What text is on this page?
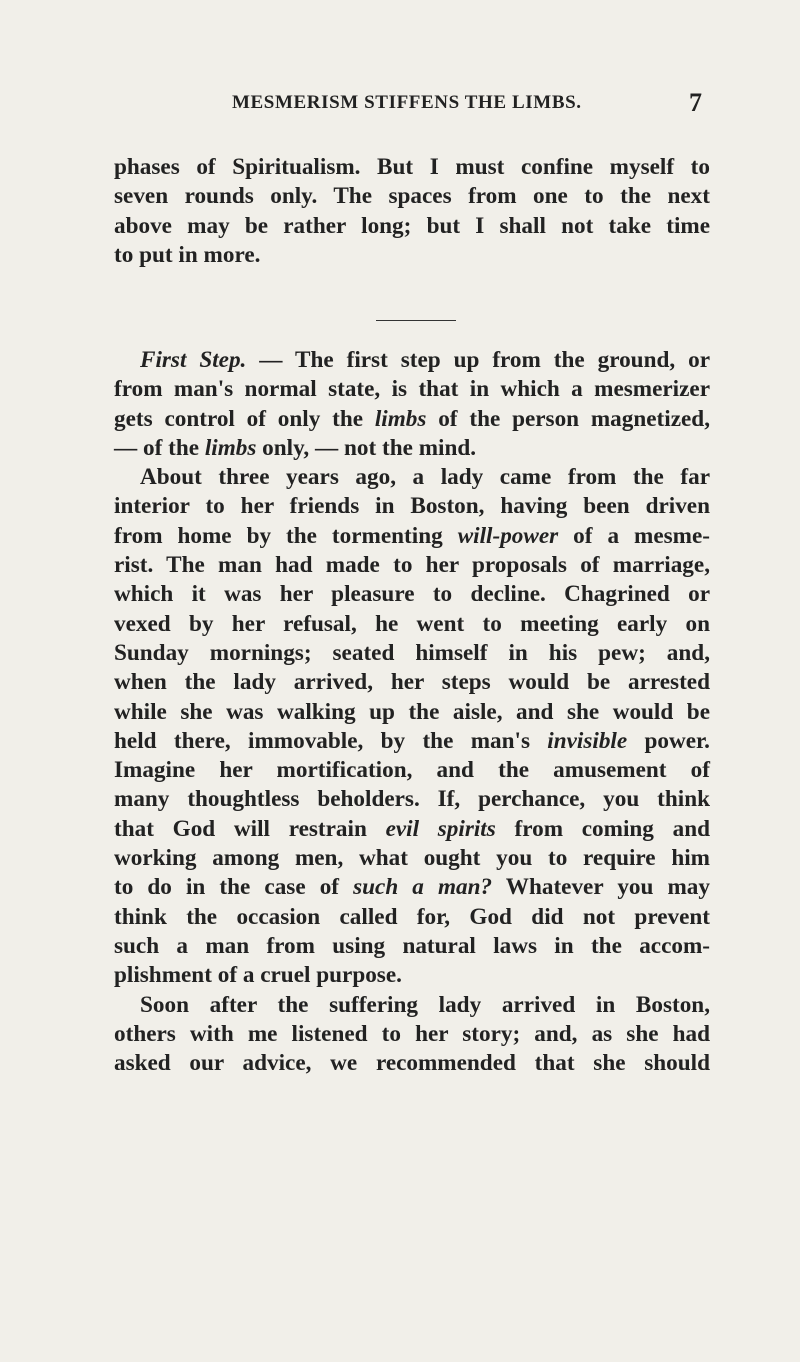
MESMERISM STIFFENS THE LIMBS.	7
phases of Spiritualism. But I must confine myself to
seven rounds only. The spaces from one to the next
above may be rather long; but I shall not take time
to put in more.
First Step. — The first step up from the ground, or
from man's normal state, is that in which a mesmerizer
gets control of only the limbs of the person magnetized,
— of the limbs only, — not the mind.
About three years ago, a lady came from the far
interior to her friends in Boston, having been driven
from home by the tormenting will-power of a mesme-
rist. The man had made to her proposals of marriage,
which it was her pleasure to decline. Chagrined or
vexed by her refusal, he went to meeting early on
Sunday mornings; seated himself in his pew; and,
when the lady arrived, her steps would be arrested
while she was walking up the aisle, and she would be
held there, immovable, by the man's invisible power.
Imagine her mortification, and the amusement of
many thoughtless beholders. If, perchance, you think
that God will restrain evil spirits from coming and
working among men, what ought you to require him
to do in the case of such a man? Whatever you may
think the occasion called for, God did not prevent
such a man from using natural laws in the accom-
plishment of a cruel purpose.
Soon after the suffering lady arrived in Boston,
others with me listened to her story; and, as she had
asked our advice, we recommended that she should
